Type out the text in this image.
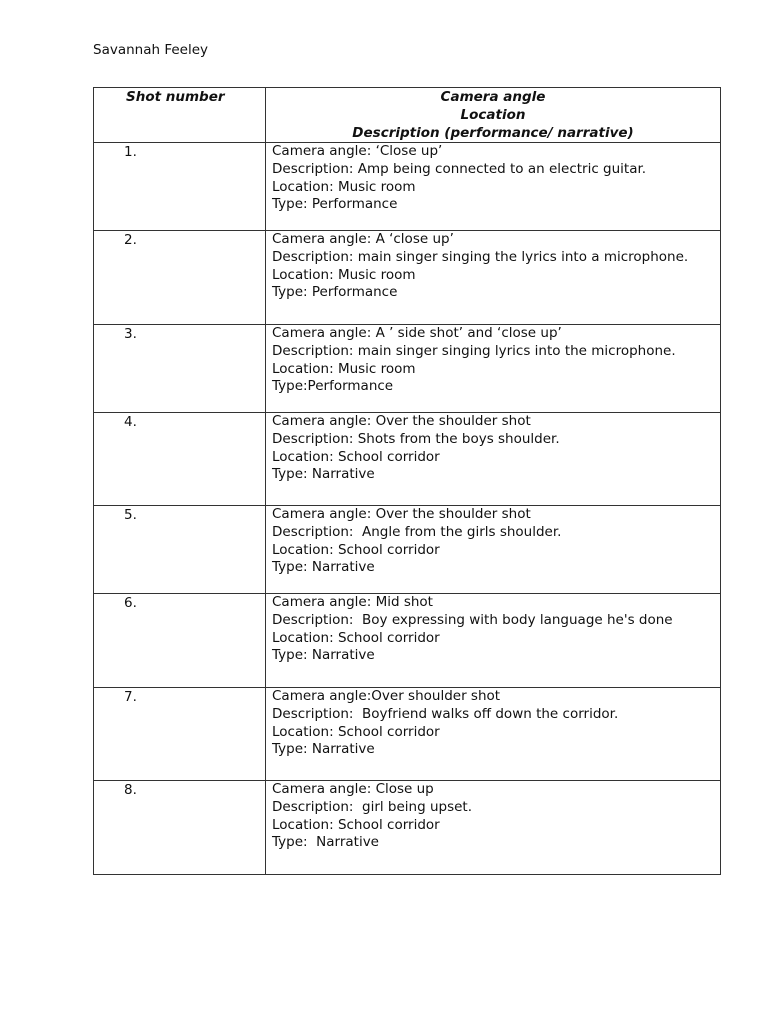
Savannah Feeley
Shot number	Camera angle
Location
Description (performance/ narrative)

1.	Camera angle: ‘Close up’
Description: Amp being connected to an electric guitar.
Location: Music room
Type: Performance

2.	Camera angle: A ‘close up’
Description: main singer singing the lyrics into a microphone.
Location: Music room
Type: Performance

3.	Camera angle: A ’ side shot’ and ‘close up’
Description: main singer singing lyrics into the microphone.
Location: Music room
Type:Performance

4.	Camera angle: Over the shoulder shot
Description: Shots from the boys shoulder.
Location: School corridor
Type: Narrative

5.	Camera angle: Over the shoulder shot
Description:  Angle from the girls shoulder.
Location: School corridor
Type: Narrative

6.	Camera angle: Mid shot
Description:  Boy expressing with body language he's done
Location: School corridor
Type: Narrative

7.	Camera angle:Over shoulder shot
Description:  Boyfriend walks off down the corridor.
Location: School corridor
Type: Narrative

8.	Camera angle: Close up
Description:  girl being upset.
Location: School corridor
Type:  Narrative
